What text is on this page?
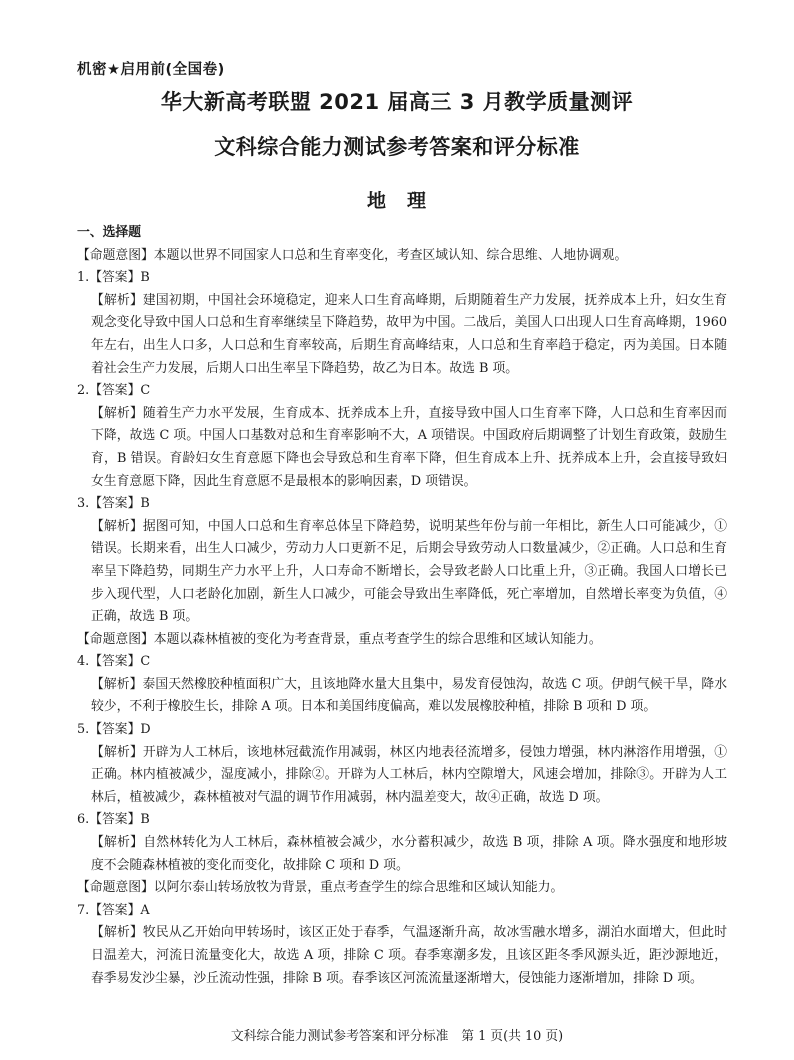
机密★启用前(全国卷)
华大新高考联盟 2021 届高三 3 月教学质量测评
文科综合能力测试参考答案和评分标准
地　理
一、选择题

【命题意图】本题以世界不同国家人口总和生育率变化，考查区域认知、综合思维、人地协调观。

1.【答案】B

【解析】建国初期，中国社会环境稳定，迎来人口生育高峰期，后期随着生产力发展，抚养成本上升，妇女生育观念变化导致中国人口总和生育率继续呈下降趋势，故甲为中国。二战后，美国人口出现人口生育高峰期，1960 年左右，出生人口多，人口总和生育率较高，后期生育高峰结束，人口总和生育率趋于稳定，丙为美国。日本随着社会生产力发展，后期人口出生率呈下降趋势，故乙为日本。故选 B 项。

2.【答案】C

【解析】随着生产力水平发展，生育成本、抚养成本上升，直接导致中国人口生育率下降，人口总和生育率因而下降，故选 C 项。中国人口基数对总和生育率影响不大，A 项错误。中国政府后期调整了计划生育政策，鼓励生育，B 错误。育龄妇女生育意愿下降也会导致总和生育率下降，但生育成本上升、抚养成本上升，会直接导致妇女生育意愿下降，因此生育意愿不是最根本的影响因素，D 项错误。

3.【答案】B

【解析】据图可知，中国人口总和生育率总体呈下降趋势，说明某些年份与前一年相比，新生人口可能减少，①错误。长期来看，出生人口减少，劳动力人口更新不足，后期会导致劳动人口数量减少，②正确。人口总和生育率呈下降趋势，同期生产力水平上升，人口寿命不断增长，会导致老龄人口比重上升，③正确。我国人口增长已步入现代型，人口老龄化加剧，新生人口减少，可能会导致出生率降低，死亡率增加，自然增长率变为负值，④正确，故选 B 项。

【命题意图】本题以森林植被的变化为考查背景，重点考查学生的综合思维和区域认知能力。

4.【答案】C

【解析】泰国天然橡胶种植面积广大，且该地降水量大且集中，易发育侵蚀沟，故选 C 项。伊朗气候干旱，降水较少，不利于橡胶生长，排除 A 项。日本和美国纬度偏高，难以发展橡胶种植，排除 B 项和 D 项。

5.【答案】D

【解析】开辟为人工林后，该地林冠截流作用减弱，林区内地表径流增多，侵蚀力增强，林内淋溶作用增强，①正确。林内植被减少，湿度减小，排除②。开辟为人工林后，林内空隙增大，风速会增加，排除③。开辟为人工林后，植被减少，森林植被对气温的调节作用减弱，林内温差变大，故④正确，故选 D 项。

6.【答案】B

【解析】自然林转化为人工林后，森林植被会减少，水分蓄积减少，故选 B 项，排除 A 项。降水强度和地形坡度不会随森林植被的变化而变化，故排除 C 项和 D 项。

【命题意图】以阿尔泰山转场放牧为背景，重点考查学生的综合思维和区域认知能力。

7.【答案】A

【解析】牧民从乙开始向甲转场时，该区正处于春季，气温逐渐升高，故冰雪融水增多，湖泊水面增大，但此时日温差大，河流日流量变化大，故选 A 项，排除 C 项。春季寒潮多发，且该区距冬季风源头近，距沙源地近，春季易发沙尘暴，沙丘流动性强，排除 B 项。春季该区河流流量逐渐增大，侵蚀能力逐渐增加，排除 D 项。

文科综合能力测试参考答案和评分标准　第 1 页(共 10 页)
